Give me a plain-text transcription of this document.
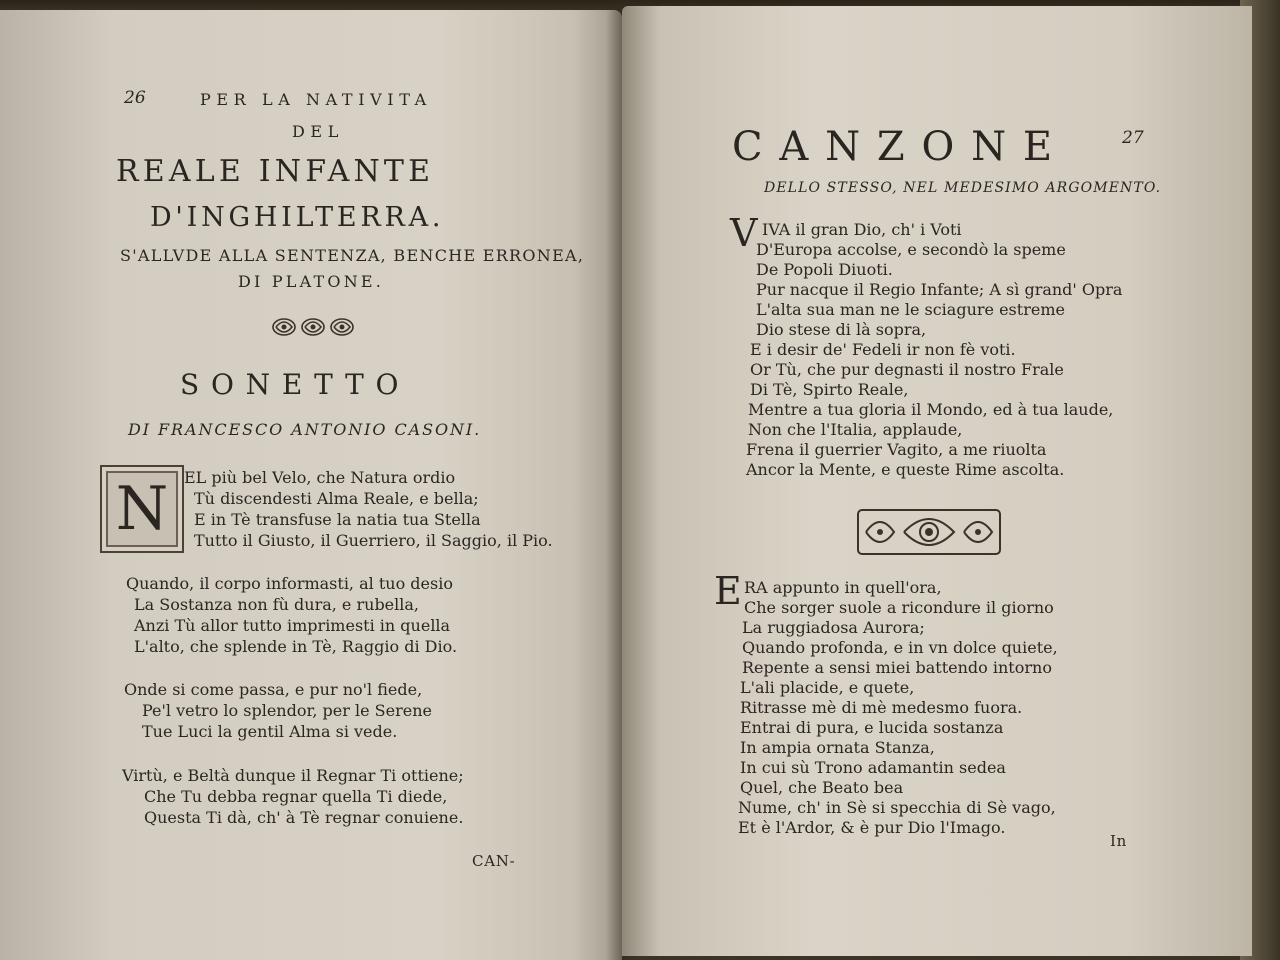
26	PER LA NATIVITA
DEL
REALE INFANTE
D'INGHILTERRA.
S'ALLVDE ALLA SENTENZA, BENCHE ERRONEA,
DI PLATONE.
SONETTO
DI FRANCESCO ANTONIO CASONI.
N EL più bel Velo, che Natura ordio
Tù discendesti Alma Reale, e bella;
E in Tè transfuse la natia tua Stella
Tutto il Giusto, il Guerriero, il Saggio, il Pio.
Quando, il corpo informasti, al tuo desio
La Sostanza non fù dura, e rubella,
Anzi Tù allor tutto imprimesti in quella
L'alto, che splende in Tè, Raggio di Dio.
Onde si come passa, e pur no'l fiede,
Pe'l vetro lo splendor, per le Serene
Tue Luci la gentil Alma si vede.
Virtù, e Beltà dunque il Regnar Ti ottiene;
Che Tu debba regnar quella Ti diede,
Questa Ti dà, ch' à Tè regnar conuiene.
CAN-
27
CANZONE
DELLO STESSO, NEL MEDESIMO ARGOMENTO.
V IVA il gran Dio, ch' i Voti
D'Europa accolse, e secondò la speme
De Popoli Diuoti.
Pur nacque il Regio Infante; A sì grand' Opra
L'alta sua man ne le sciagure estreme
Dio stese di là sopra,
E i desir de' Fedeli ir non fè voti.
Or Tù, che pur degnasti il nostro Frale
Di Tè, Spirto Reale,
Mentre a tua gloria il Mondo, ed à tua laude,
Non che l'Italia, applaude,
Frena il guerrier Vagito, a me riuolta
Ancor la Mente, e queste Rime ascolta.
E RA appunto in quell'ora,
Che sorger suole a ricondure il giorno
La ruggiadosa Aurora;
Quando profonda, e in vn dolce quiete,
Repente a sensi miei battendo intorno
L'ali placide, e quete,
Ritrasse mè di mè medesmo fuora.
Entrai di pura, e lucida sostanza
In ampia ornata Stanza,
In cui sù Trono adamantin sedea
Quel, che Beato bea
Nume, ch' in Sè si specchia di Sè vago,
Et è l'Ardor, & è pur Dio l'Imago.
In
